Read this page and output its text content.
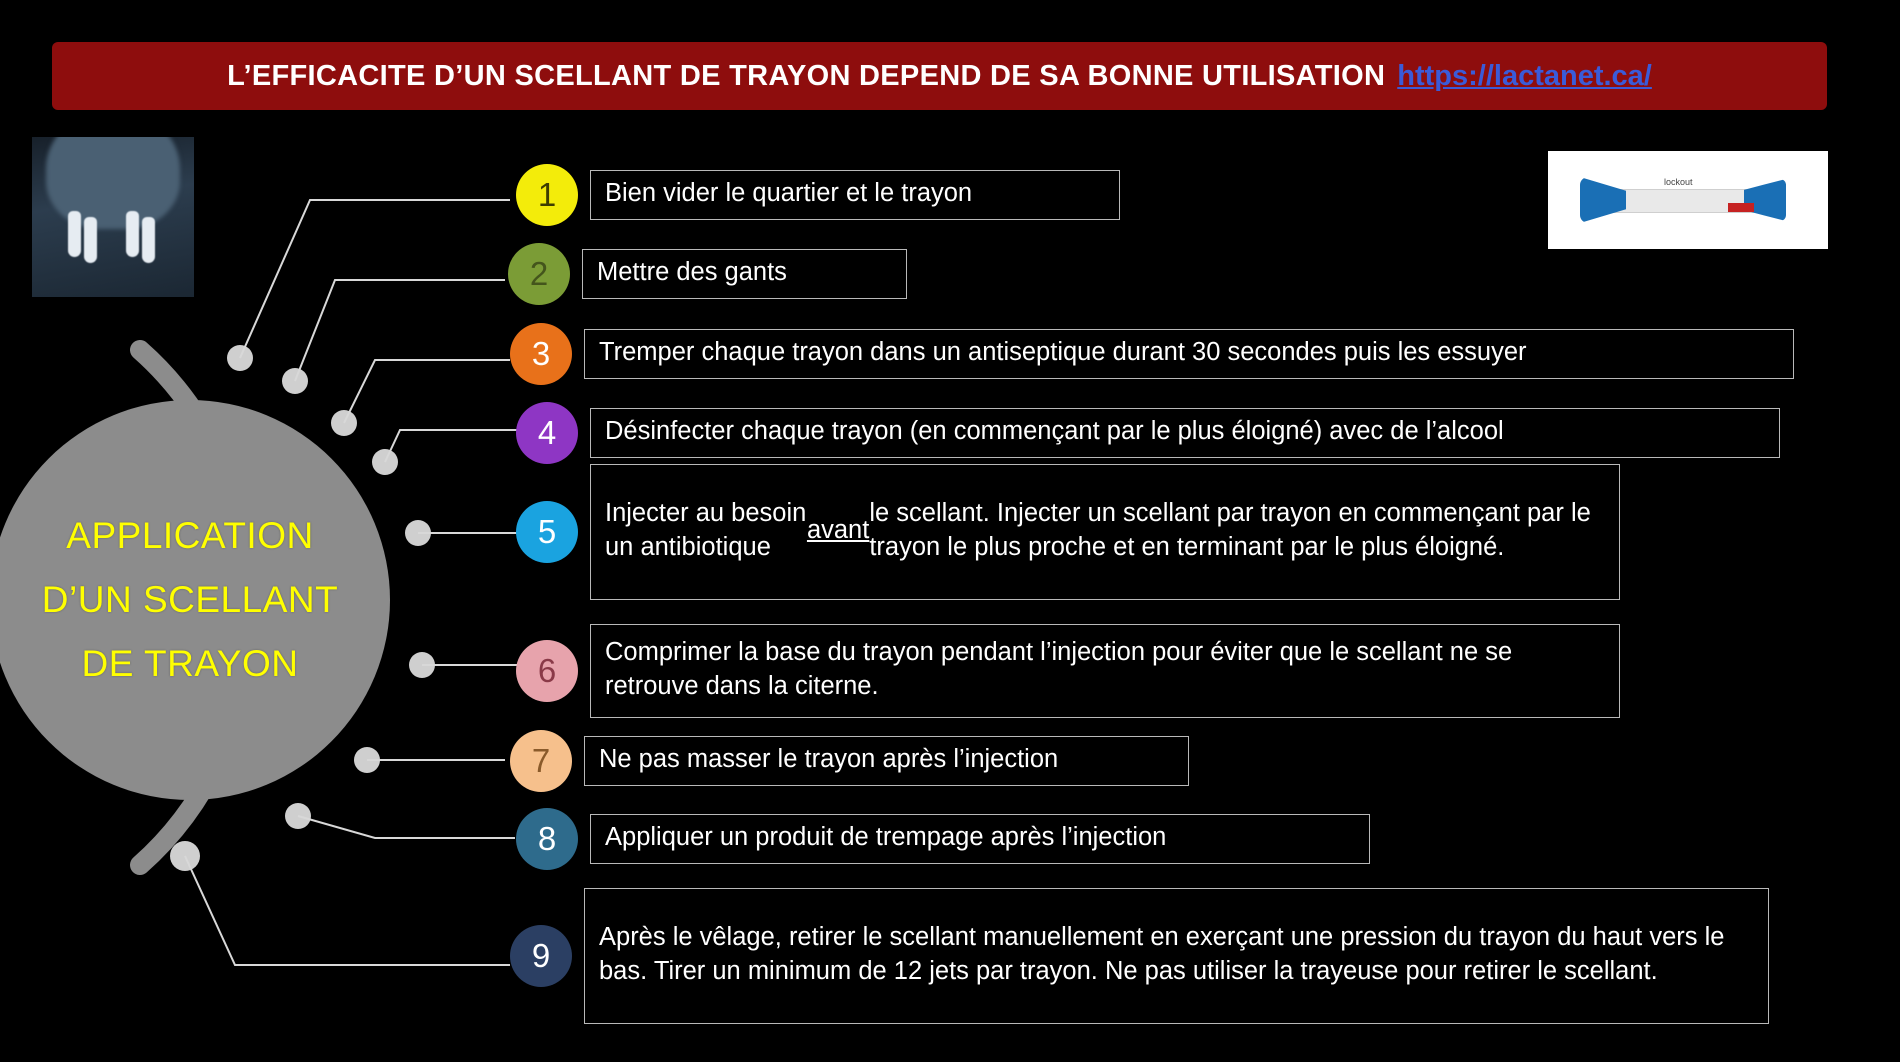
L’EFFICACITE D’UN SCELLANT DE TRAYON DEPEND DE SA BONNE UTILISATION https://lactanet.ca/
lockout
APPLICATION
D’UN SCELLANT
DE TRAYON
1	Bien vider le quartier et le trayon
2	Mettre des gants
3	Tremper chaque trayon dans un antiseptique durant 30 secondes puis les essuyer
4	Désinfecter chaque trayon (en commençant par le plus éloigné) avec de l’alcool
5	Injecter au besoin un antibiotique
avant
le scellant. Injecter un scellant par trayon en commençant par le trayon le plus proche et en terminant par le plus éloigné.
6	Comprimer la base du trayon pendant l’injection pour éviter que le scellant ne se retrouve dans la citerne.
7	Ne pas masser le trayon après l’injection
8	Appliquer un produit de trempage après l’injection
9	Après le vêlage, retirer le scellant manuellement en exerçant une pression du trayon du haut vers le bas. Tirer un minimum de 12 jets par trayon. Ne pas utiliser la trayeuse pour retirer le scellant.
